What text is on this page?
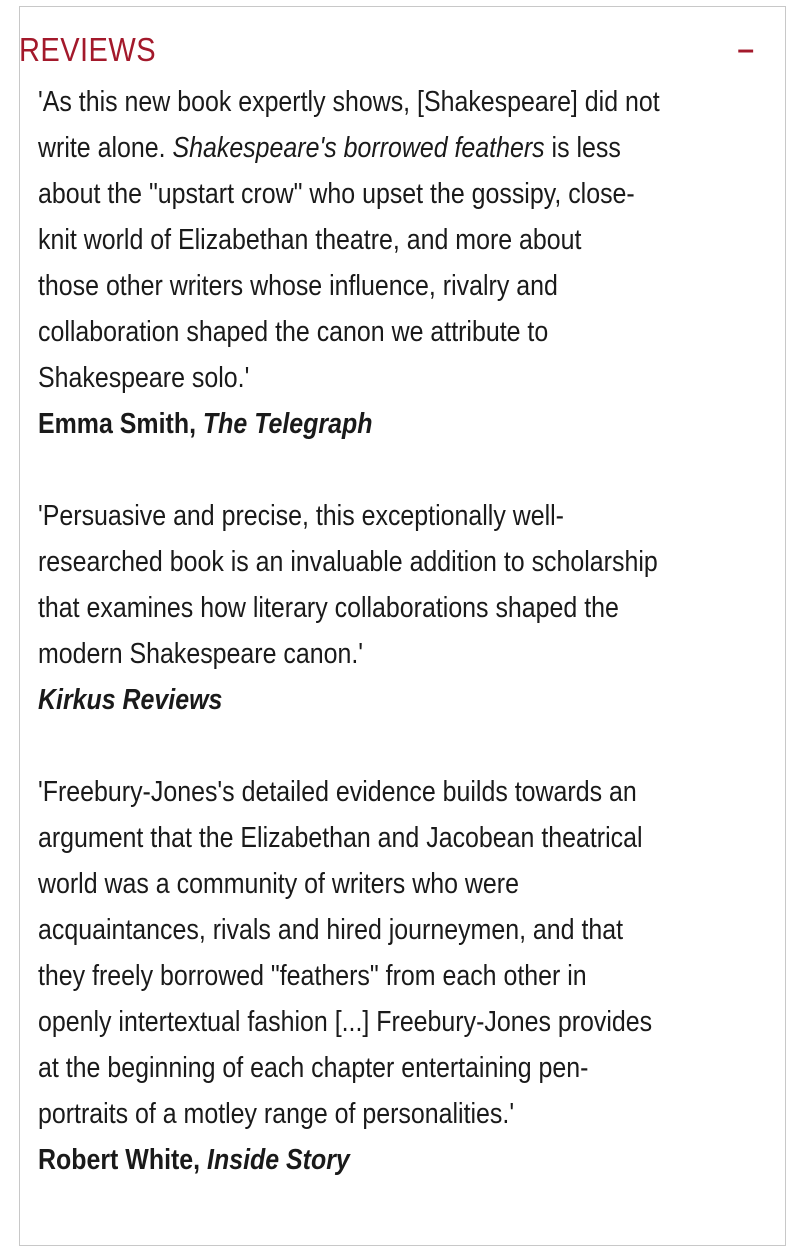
REVIEWS	–
'As this new book expertly shows, [Shakespeare] did not
write alone. Shakespeare's borrowed feathers is less
about the "upstart crow" who upset the gossipy, close-
knit world of Elizabethan theatre, and more about
those other writers whose influence, rivalry and
collaboration shaped the canon we attribute to
Shakespeare solo.'
Emma Smith, The Telegraph
'Persuasive and precise, this exceptionally well-
researched book is an invaluable addition to scholarship
that examines how literary collaborations shaped the
modern Shakespeare canon.'
Kirkus Reviews
'Freebury-Jones's detailed evidence builds towards an
argument that the Elizabethan and Jacobean theatrical
world was a community of writers who were
acquaintances, rivals and hired journeymen, and that
they freely borrowed "feathers" from each other in
openly intertextual fashion [...] Freebury-Jones provides
at the beginning of each chapter entertaining pen-
portraits of a motley range of personalities.'
Robert White, Inside Story
